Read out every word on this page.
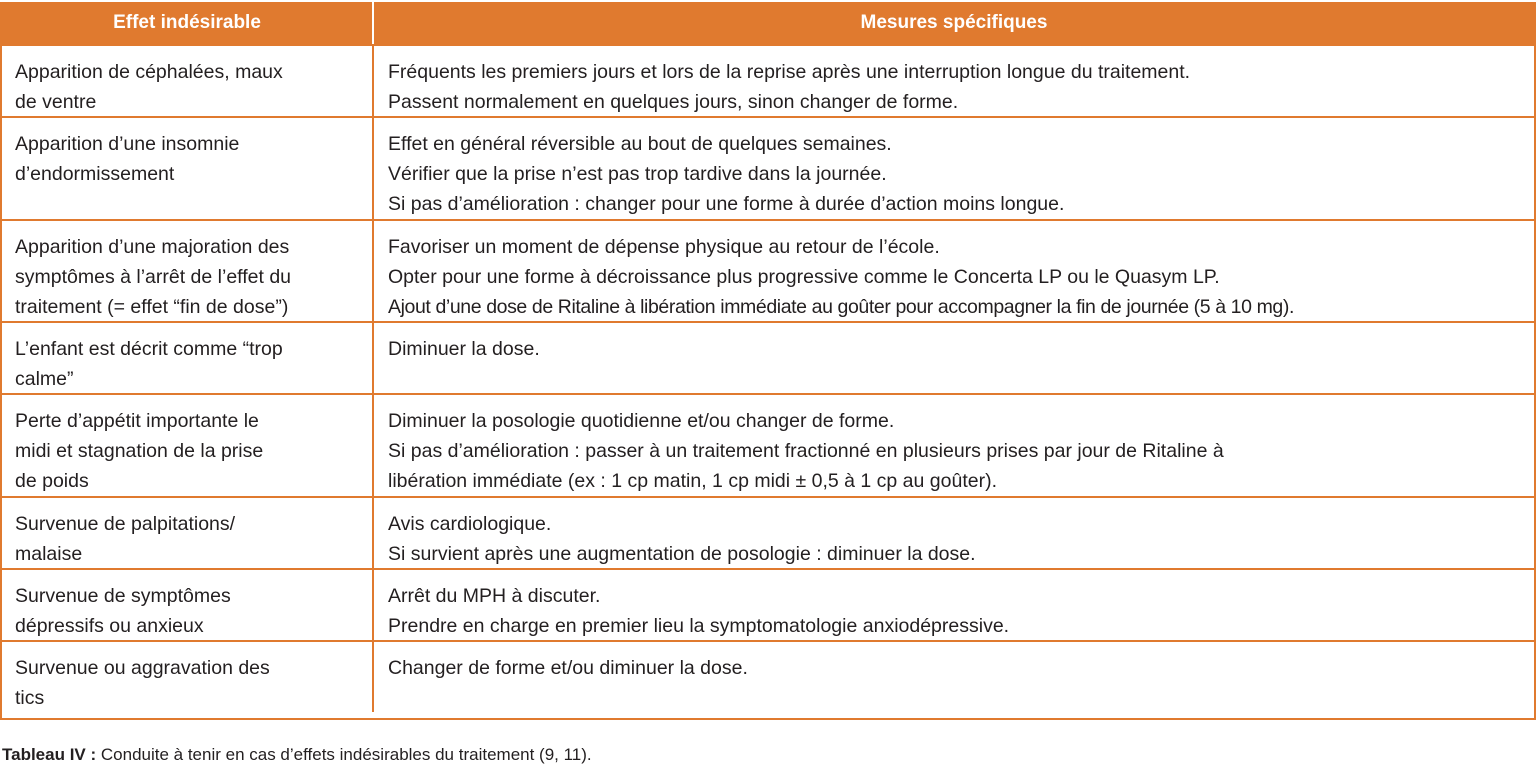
Effet indésirable	Mesures spécifiques
Apparition de céphalées, maux
de ventre
Fréquents les premiers jours et lors de la reprise après une interruption longue du traitement.
Passent normalement en quelques jours, sinon changer de forme.
Apparition d’une insomnie
d’endormissement
Effet en général réversible au bout de quelques semaines.
Vérifier que la prise n’est pas trop tardive dans la journée.
Si pas d’amélioration : changer pour une forme à durée d’action moins longue.
Apparition d’une majoration des
symptômes à l’arrêt de l’effet du
traitement (= effet “fin de dose”)
Favoriser un moment de dépense physique au retour de l’école.
Opter pour une forme à décroissance plus progressive comme le Concerta LP ou le Quasym LP.
Ajout d’une dose de Ritaline à libération immédiate au goûter pour accompagner la fin de journée (5 à 10 mg).
L’enfant est décrit comme “trop
calme”
Diminuer la dose.
Perte d’appétit importante le
midi et stagnation de la prise
de poids
Diminuer la posologie quotidienne et/ou changer de forme.
Si pas d’amélioration : passer à un traitement fractionné en plusieurs prises par jour de Ritaline à
libération immédiate (ex : 1 cp matin, 1 cp midi ± 0,5 à 1 cp au goûter).
Survenue de palpitations/
malaise
Avis cardiologique.
Si survient après une augmentation de posologie : diminuer la dose.
Survenue de symptômes
dépressifs ou anxieux
Arrêt du MPH à discuter.
Prendre en charge en premier lieu la symptomatologie anxiodépressive.
Survenue ou aggravation des
tics
Changer de forme et/ou diminuer la dose.
Tableau IV : Conduite à tenir en cas d’effets indésirables du traitement (9, 11).
